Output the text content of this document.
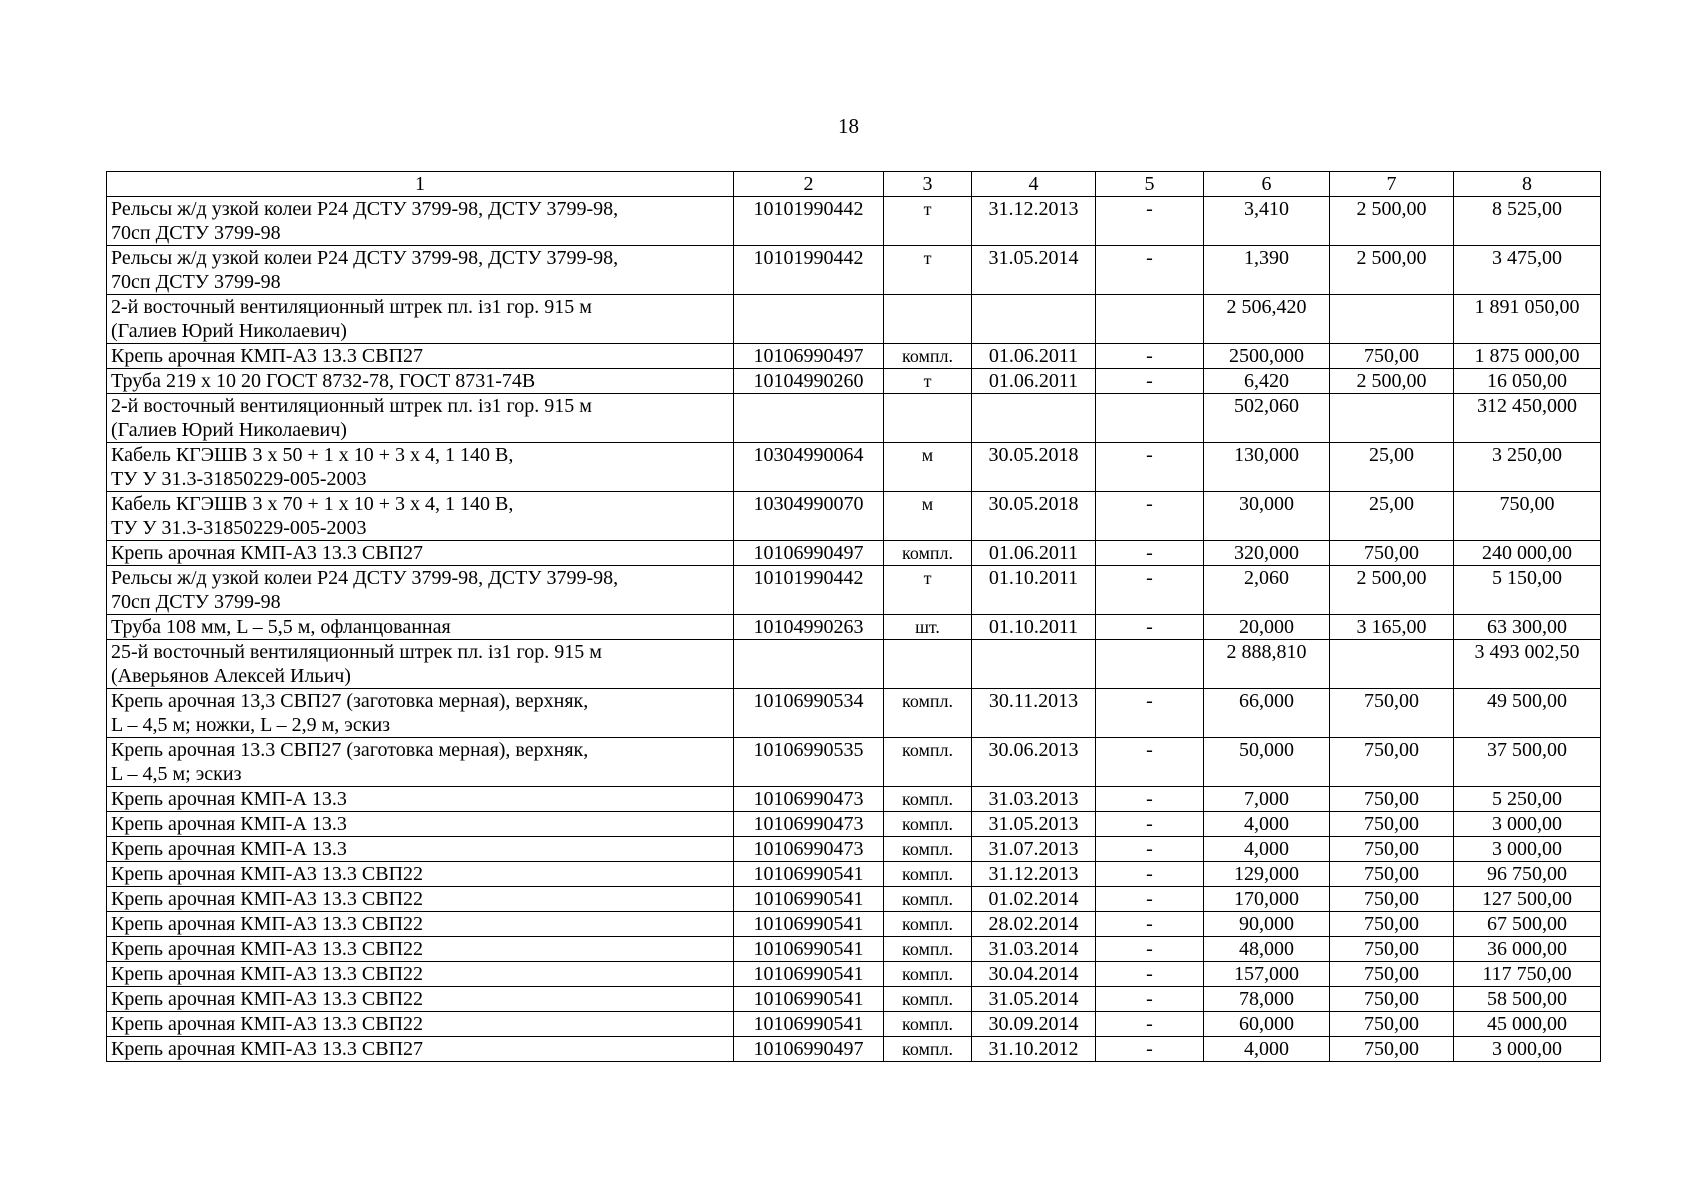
18
1	2	3	4	5	6	7	8

Рельсы ж/д узкой колеи Р24 ДСТУ 3799-98, ДСТУ 3799-98,
70сп ДСТУ 3799-98	10101990442	т	31.12.2013	-	3,410	2 500,00	8 525,00

Рельсы ж/д узкой колеи Р24 ДСТУ 3799-98, ДСТУ 3799-98,
70сп ДСТУ 3799-98	10101990442	т	31.05.2014	-	1,390	2 500,00	3 475,00

2-й восточный вентиляционный штрек пл. із1 гор. 915 м
(Галиев Юрий Николаевич)					2 506,420		1 891 050,00

Крепь арочная КМП-А3 13.3 СВП27	10106990497	компл.	01.06.2011	-	2500,000	750,00	1 875 000,00

Труба 219 х 10 20 ГОСТ 8732-78, ГОСТ 8731-74В	10104990260	т	01.06.2011	-	6,420	2 500,00	16 050,00

2-й восточный вентиляционный штрек пл. із1 гор. 915 м
(Галиев Юрий Николаевич)					502,060		312 450,000

Кабель КГЭШВ 3 х 50 + 1 х 10 + 3 х 4, 1 140 В,
ТУ У 31.3-31850229-005-2003	10304990064	м	30.05.2018	-	130,000	25,00	3 250,00

Кабель КГЭШВ 3 х 70 + 1 х 10 + 3 х 4, 1 140 В,
ТУ У 31.3-31850229-005-2003	10304990070	м	30.05.2018	-	30,000	25,00	750,00

Крепь арочная КМП-А3 13.3 СВП27	10106990497	компл.	01.06.2011	-	320,000	750,00	240 000,00

Рельсы ж/д узкой колеи Р24 ДСТУ 3799-98, ДСТУ 3799-98,
70сп ДСТУ 3799-98	10101990442	т	01.10.2011	-	2,060	2 500,00	5 150,00

Труба 108 мм, L – 5,5 м, офланцованная	10104990263	шт.	01.10.2011	-	20,000	3 165,00	63 300,00

25-й восточный вентиляционный штрек пл. із1 гор. 915 м
(Аверьянов Алексей Ильич)					2 888,810		3 493 002,50

Крепь арочная 13,3 СВП27 (заготовка мерная), верхняк,
L – 4,5 м; ножки, L – 2,9 м, эскиз	10106990534	компл.	30.11.2013	-	66,000	750,00	49 500,00

Крепь арочная 13.3 СВП27 (заготовка мерная), верхняк,
L – 4,5 м; эскиз	10106990535	компл.	30.06.2013	-	50,000	750,00	37 500,00

Крепь арочная КМП-А 13.3	10106990473	компл.	31.03.2013	-	7,000	750,00	5 250,00

Крепь арочная КМП-А 13.3	10106990473	компл.	31.05.2013	-	4,000	750,00	3 000,00

Крепь арочная КМП-А 13.3	10106990473	компл.	31.07.2013	-	4,000	750,00	3 000,00

Крепь арочная КМП-А3 13.3 СВП22	10106990541	компл.	31.12.2013	-	129,000	750,00	96 750,00

Крепь арочная КМП-А3 13.3 СВП22	10106990541	компл.	01.02.2014	-	170,000	750,00	127 500,00

Крепь арочная КМП-А3 13.3 СВП22	10106990541	компл.	28.02.2014	-	90,000	750,00	67 500,00

Крепь арочная КМП-А3 13.3 СВП22	10106990541	компл.	31.03.2014	-	48,000	750,00	36 000,00

Крепь арочная КМП-А3 13.3 СВП22	10106990541	компл.	30.04.2014	-	157,000	750,00	117 750,00

Крепь арочная КМП-А3 13.3 СВП22	10106990541	компл.	31.05.2014	-	78,000	750,00	58 500,00

Крепь арочная КМП-А3 13.3 СВП22	10106990541	компл.	30.09.2014	-	60,000	750,00	45 000,00

Крепь арочная КМП-А3 13.3 СВП27	10106990497	компл.	31.10.2012	-	4,000	750,00	3 000,00
